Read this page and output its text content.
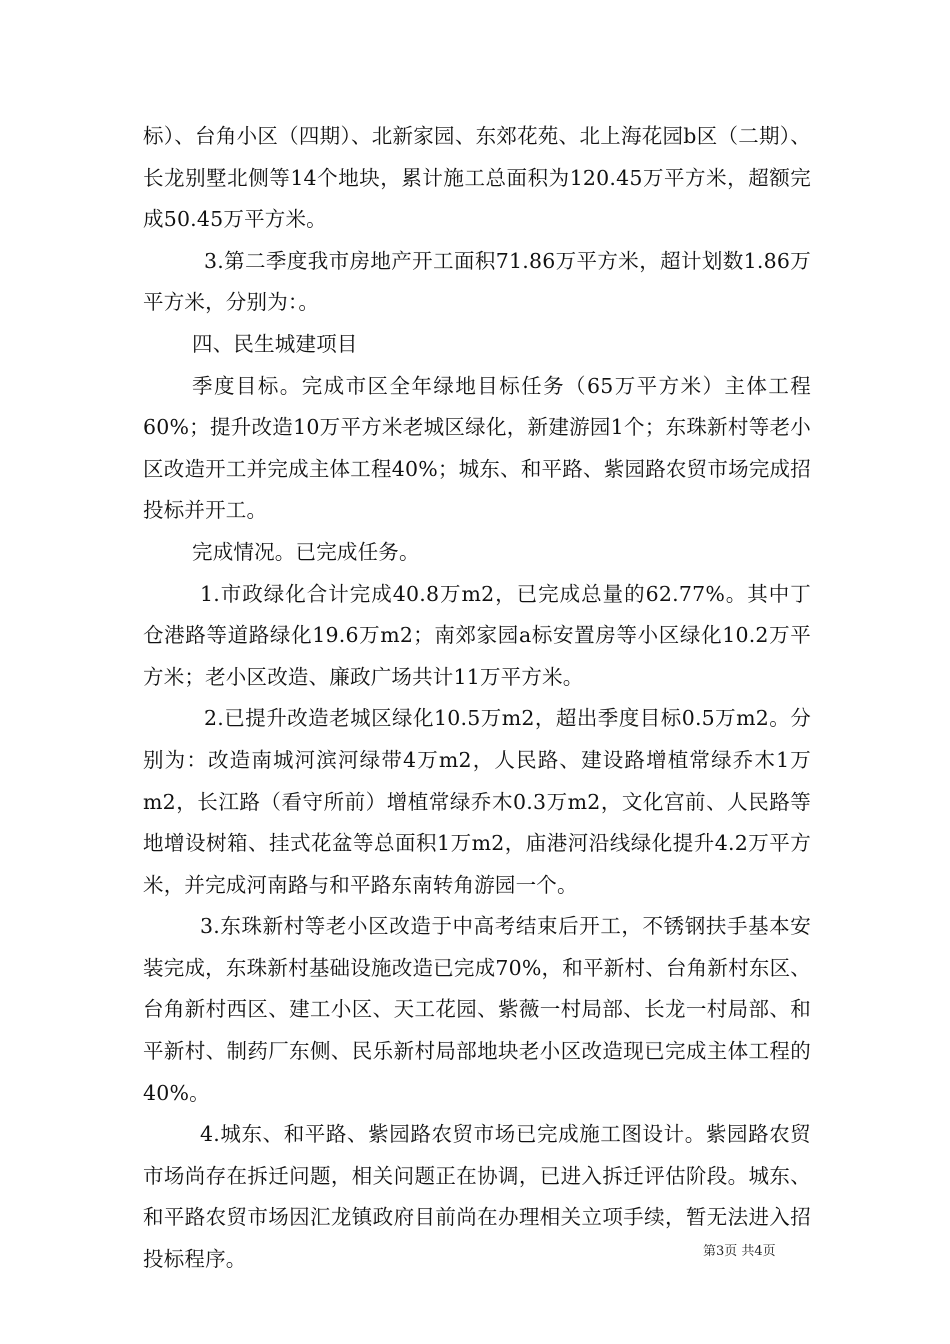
标）、台角小区（四期）、北新家园、东郊花苑、北上海花园b区（二期）、长龙别墅北侧等14个地块，累计施工总面积为120.45万平方米，超额完成50.45万平方米。

3.第二季度我市房地产开工面积71.86万平方米，超计划数1.86万平方米，分别为：。

四、民生城建项目

季度目标。完成市区全年绿地目标任务（65万平方米）主体工程60%；提升改造10万平方米老城区绿化，新建游园1个；东珠新村等老小区改造开工并完成主体工程40%；城东、和平路、紫园路农贸市场完成招投标并开工。

完成情况。已完成任务。

1.市政绿化合计完成40.8万m2，已完成总量的62.77%。其中丁仓港路等道路绿化19.6万m2；南郊家园a标安置房等小区绿化10.2万平方米；老小区改造、廉政广场共计11万平方米。

2.已提升改造老城区绿化10.5万m2，超出季度目标0.5万m2。分别为：改造南城河滨河绿带4万m2，人民路、建设路增植常绿乔木1万m2，长江路（看守所前）增植常绿乔木0.3万m2，文化宫前、人民路等地增设树箱、挂式花盆等总面积1万m2，庙港河沿线绿化提升4.2万平方米，并完成河南路与和平路东南转角游园一个。

3.东珠新村等老小区改造于中高考结束后开工，不锈钢扶手基本安装完成，东珠新村基础设施改造已完成70%，和平新村、台角新村东区、台角新村西区、建工小区、天工花园、紫薇一村局部、长龙一村局部、和平新村、制药厂东侧、民乐新村局部地块老小区改造现已完成主体工程的40%。

4.城东、和平路、紫园路农贸市场已完成施工图设计。紫园路农贸市场尚存在拆迁问题，相关问题正在协调，已进入拆迁评估阶段。城东、和平路农贸市场因汇龙镇政府目前尚在办理相关立项手续，暂无法进入招投标程序。	第3页 共4页
